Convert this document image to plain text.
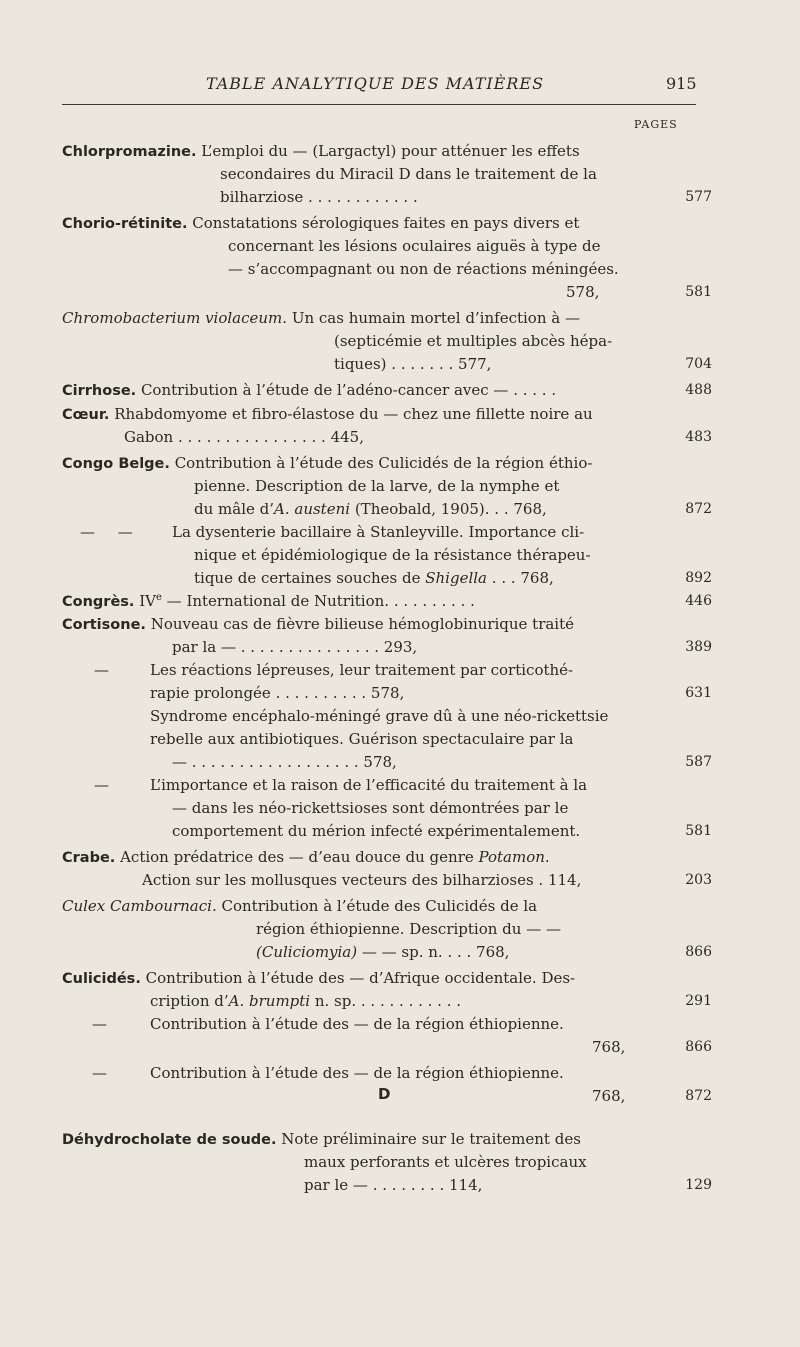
TABLE ANALYTIQUE DES MATIÈRES	915
PAGES
Chlorpromazine. L’emploi du — (Largactyl) pour atténuer les effets
secondaires du Miracil D dans le traitement de la
bilharziose . . . . . . . . . . . .	577
Chorio-rétinite. Constatations sérologiques faites en pays divers et
concernant les lésions oculaires aiguës à type de
— s’accompagnant ou non de réactions méningées.
578,	581
Chromobacterium violaceum. Un cas humain mortel d’infection à —
(septicémie et multiples abcès hépa-
tiques) . . . . . . . 577,	704
Cirrhose. Contribution à l’étude de l’adéno-cancer avec — . . . . .	488
Cœur. Rhabdomyome et fibro-élastose du — chez une fillette noire au
Gabon . . . . . . . . . . . . . . . . 445,	483
Congo Belge. Contribution à l’étude des Culicidés de la région éthio-
pienne. Description de la larve, de la nymphe et
du mâle d’A. austeni (Theobald, 1905). . . 768,	872
— —	La dysenterie bacillaire à Stanleyville. Importance cli-
nique et épidémiologique de la résistance thérapeu-
tique de certaines souches de Shigella . . . 768,	892
Congrès. IVe — International de Nutrition. . . . . . . . . .	446
Cortisone. Nouveau cas de fièvre bilieuse hémoglobinurique traité
par la — . . . . . . . . . . . . . . . 293,	389
—	Les réactions lépreuses, leur traitement par corticothé-
rapie prolongée . . . . . . . . . . 578,	631
Syndrome encéphalo-méningé grave dû à une néo-rickettsie
rebelle aux antibiotiques. Guérison spectaculaire par la
— . . . . . . . . . . . . . . . . . . 578,	587
—	L’importance et la raison de l’efficacité du traitement à la
— dans les néo-rickettsioses sont démontrées par le
comportement du mérion infecté expérimentalement.	581
Crabe. Action prédatrice des — d’eau douce du genre Potamon.
Action sur les mollusques vecteurs des bilharzioses . 114,	203
Culex Cambournaci. Contribution à l’étude des Culicidés de la
région éthiopienne. Description du — —
(Culiciomyia) — — sp. n. . . . 768,	866
Culicidés. Contribution à l’étude des — d’Afrique occidentale. Des-
cription d’A. brumpti n. sp. . . . . . . . . . . .	291
—	Contribution à l’étude des — de la région éthiopienne.
768,	866
—	Contribution à l’étude des — de la région éthiopienne.
768,	872
D
Déhydrocholate de soude. Note préliminaire sur le traitement des
maux perforants et ulcères tropicaux
par le — . . . . . . . . 114,	129
